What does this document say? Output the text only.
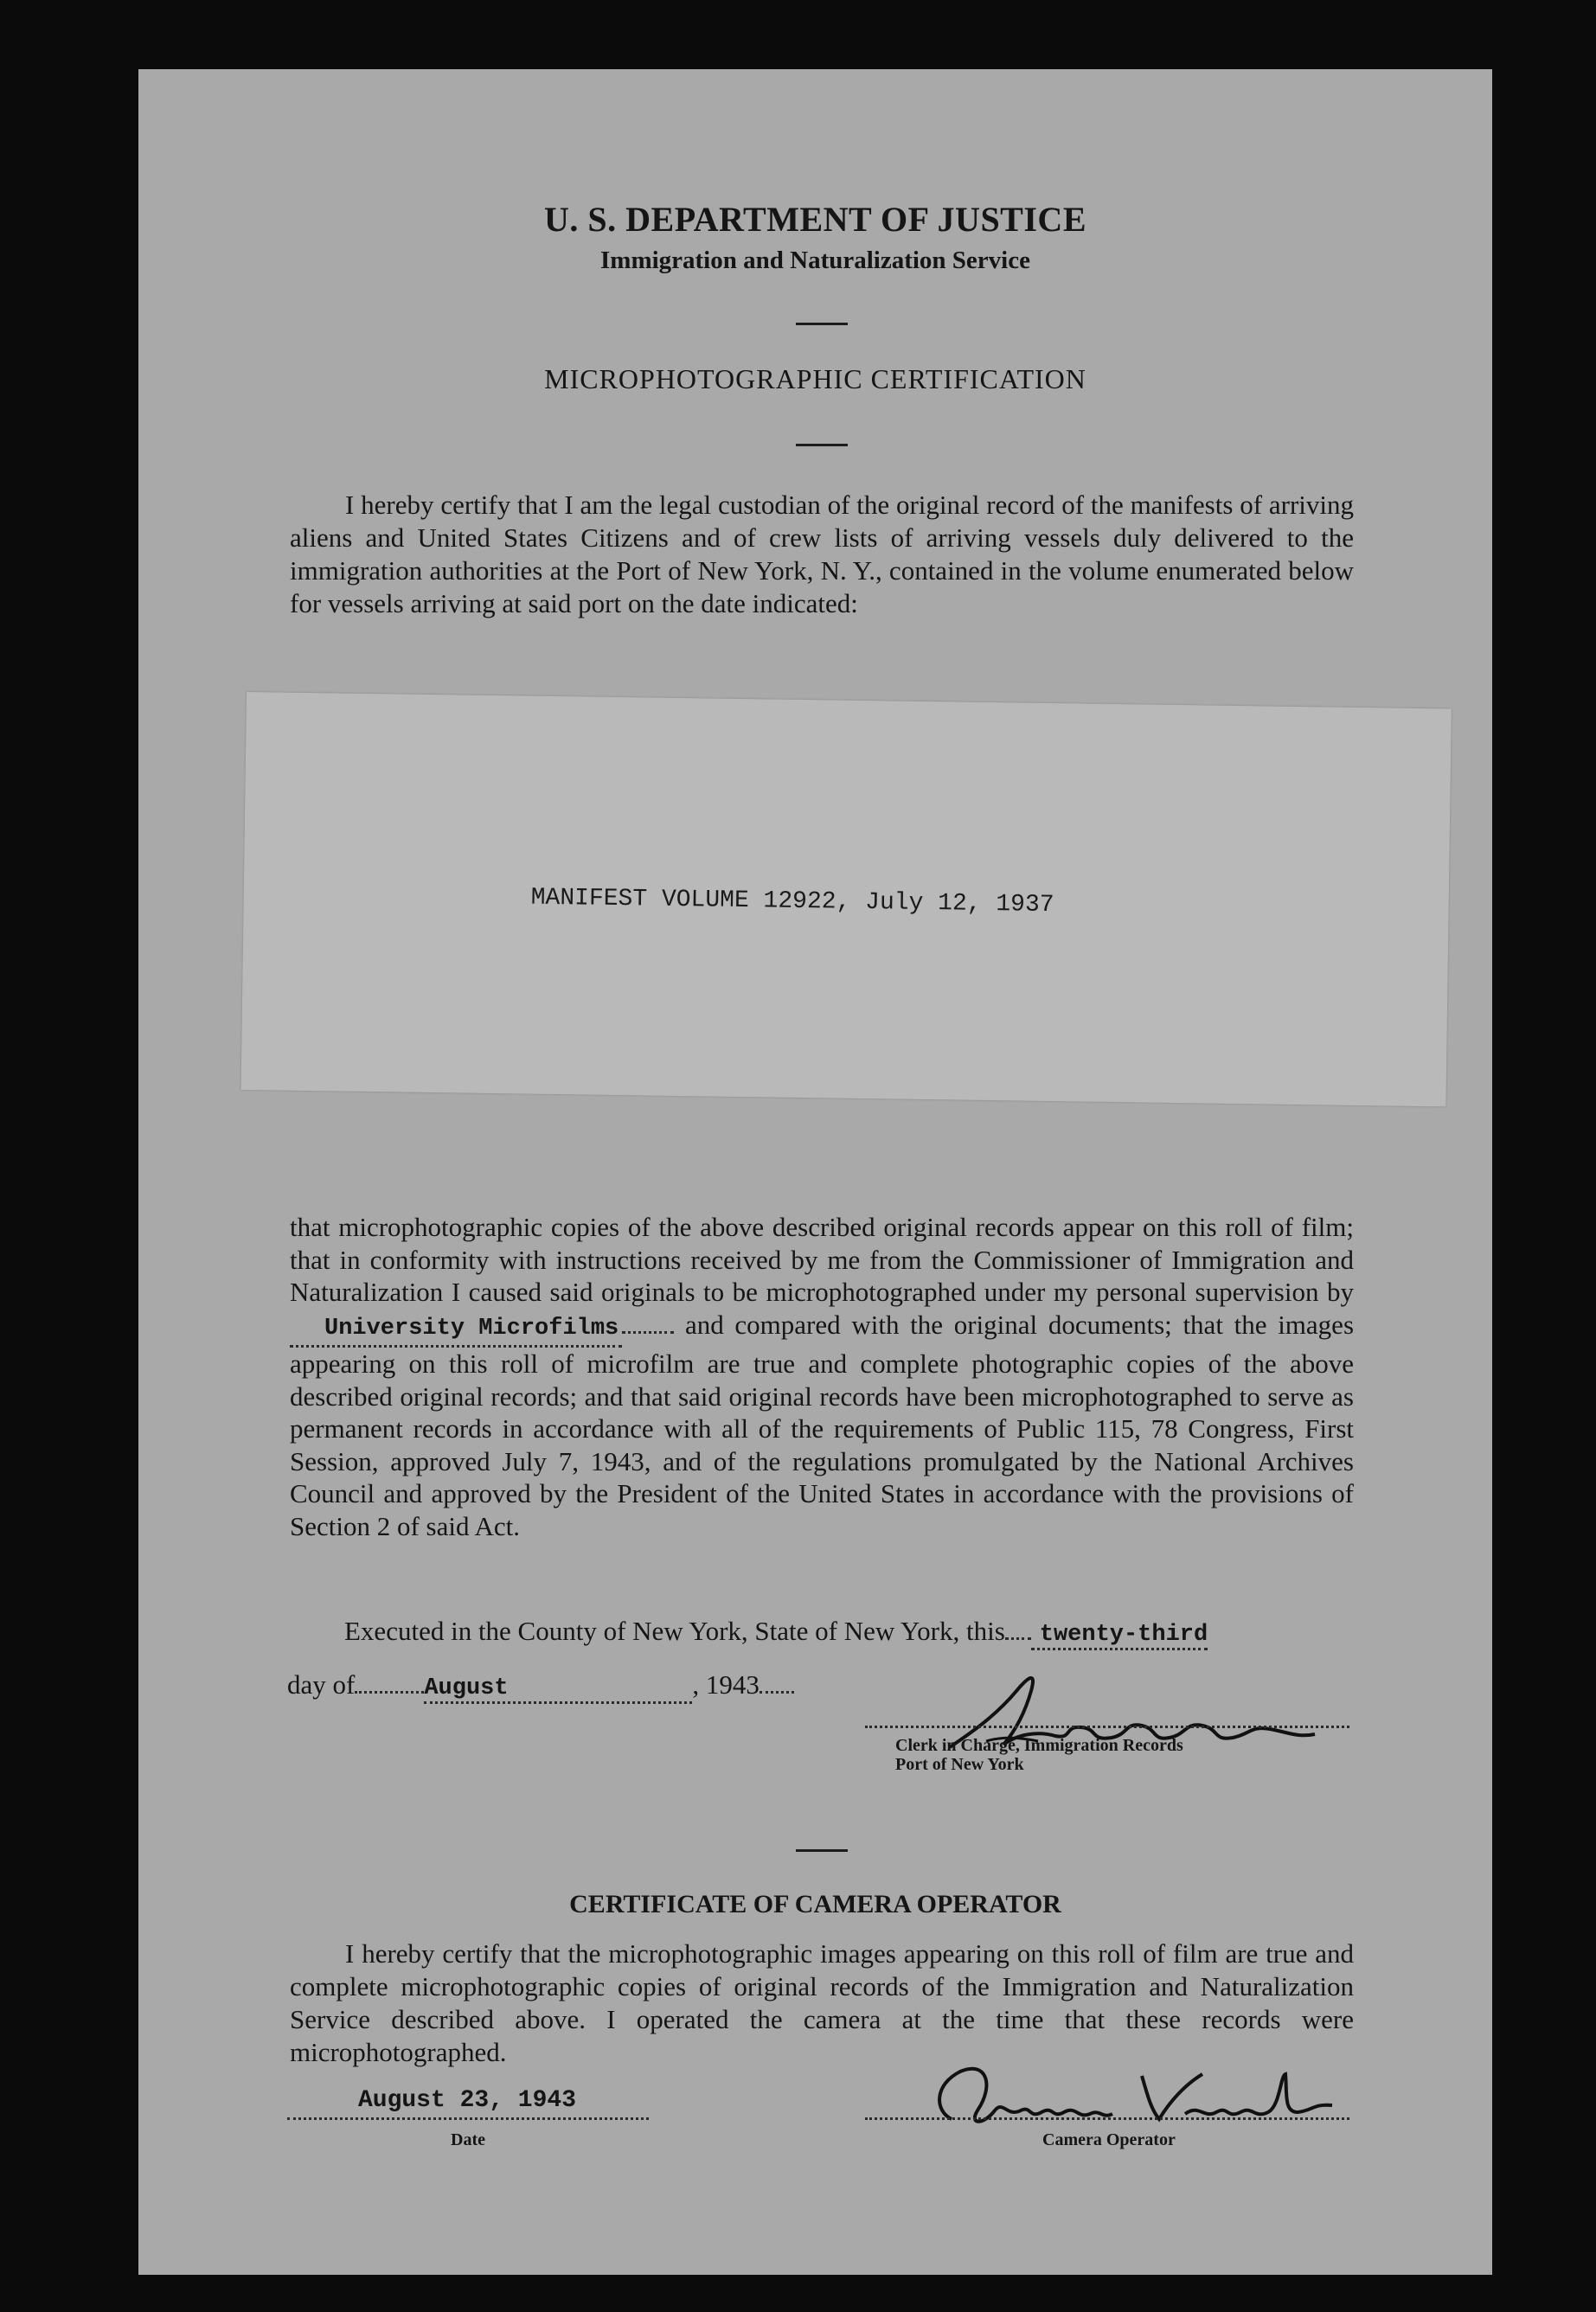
U. S. DEPARTMENT OF JUSTICE
Immigration and Naturalization Service
MICROPHOTOGRAPHIC CERTIFICATION
I hereby certify that I am the legal custodian of the original record of the manifests of arriving aliens and United States Citizens and of crew lists of arriving vessels duly delivered to the immigration authorities at the Port of New York, N. Y., contained in the volume enumerated below for vessels arriving at said port on the date indicated:
MANIFEST VOLUME 12922, July 12, 1937
that microphotographic copies of the above described original records appear on this roll of film; that in conformity with instructions received by me from the Commissioner of Immigration and Naturalization I caused said originals to be microphotographed under my personal supervision by University Microfilms and compared with the original documents; that the images appearing on this roll of microfilm are true and complete photographic copies of the above described original records; and that said original records have been microphotographed to serve as permanent records in accordance with all of the requirements of Public 115, 78 Congress, First Session, approved July 7, 1943, and of the regulations promulgated by the National Archives Council and approved by the President of the United States in accordance with the provisions of Section 2 of said Act.
Executed in the County of New York, State of New York, this twenty-third
day of	August	, 1943
Clerk in Charge, Immigration Records
Port of New York
CERTIFICATE OF CAMERA OPERATOR
I hereby certify that the microphotographic images appearing on this roll of film are true and complete microphotographic copies of original records of the Immigration and Naturalization Service described above. I operated the camera at the time that these records were microphotographed.
August 23, 1943
Date	Camera Operator
